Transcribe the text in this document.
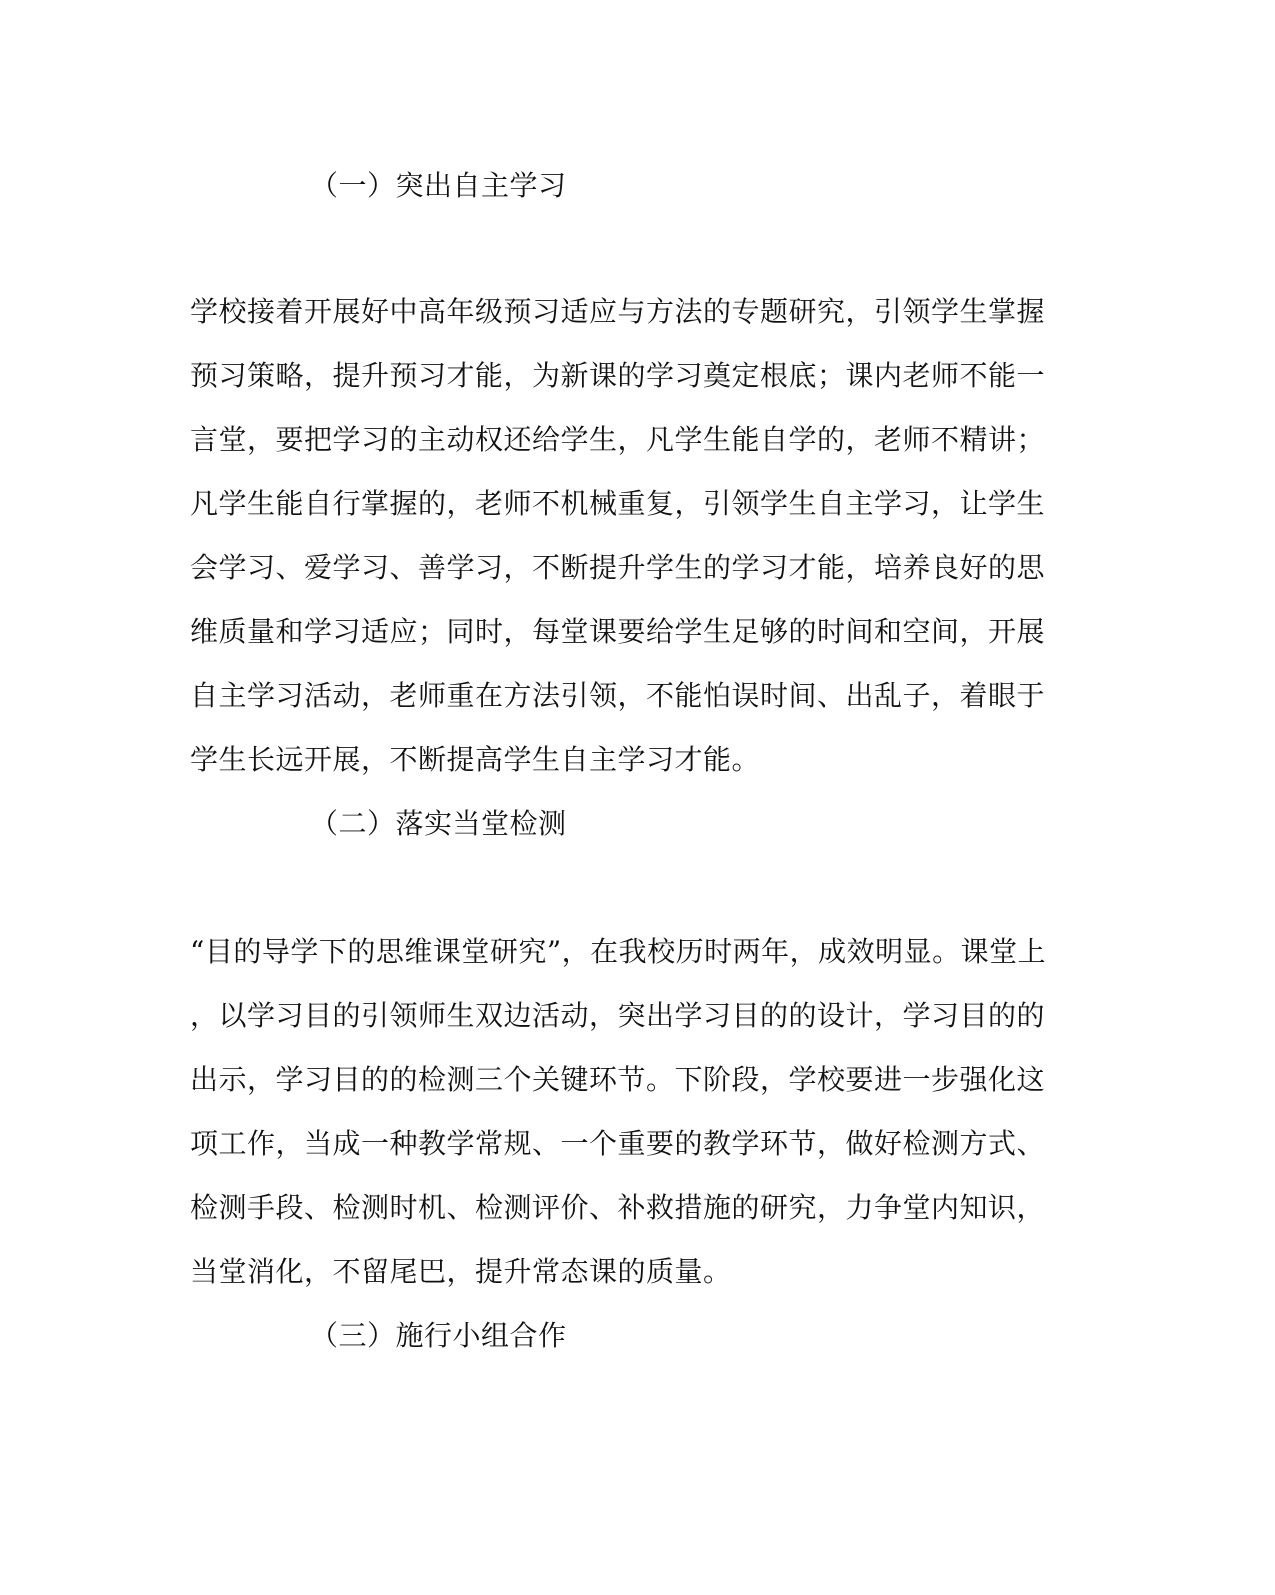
（一）突出自主学习
学校接着开展好中高年级预习适应与方法的专题研究，引领学生掌握
预习策略，提升预习才能，为新课的学习奠定根底；课内老师不能一
言堂，要把学习的主动权还给学生，凡学生能自学的，老师不精讲；
凡学生能自行掌握的，老师不机械重复，引领学生自主学习，让学生
会学习、爱学习、善学习，不断提升学生的学习才能，培养良好的思
维质量和学习适应；同时，每堂课要给学生足够的时间和空间，开展
自主学习活动，老师重在方法引领，不能怕误时间、出乱子，着眼于
学生长远开展，不断提高学生自主学习才能。
（二）落实当堂检测
“目的导学下的思维课堂研究”，在我校历时两年，成效明显。课堂上
，以学习目的引领师生双边活动，突出学习目的的设计，学习目的的
出示，学习目的的检测三个关键环节。下阶段，学校要进一步强化这
项工作，当成一种教学常规、一个重要的教学环节，做好检测方式、
检测手段、检测时机、检测评价、补救措施的研究，力争堂内知识，
当堂消化，不留尾巴，提升常态课的质量。
（三）施行小组合作
